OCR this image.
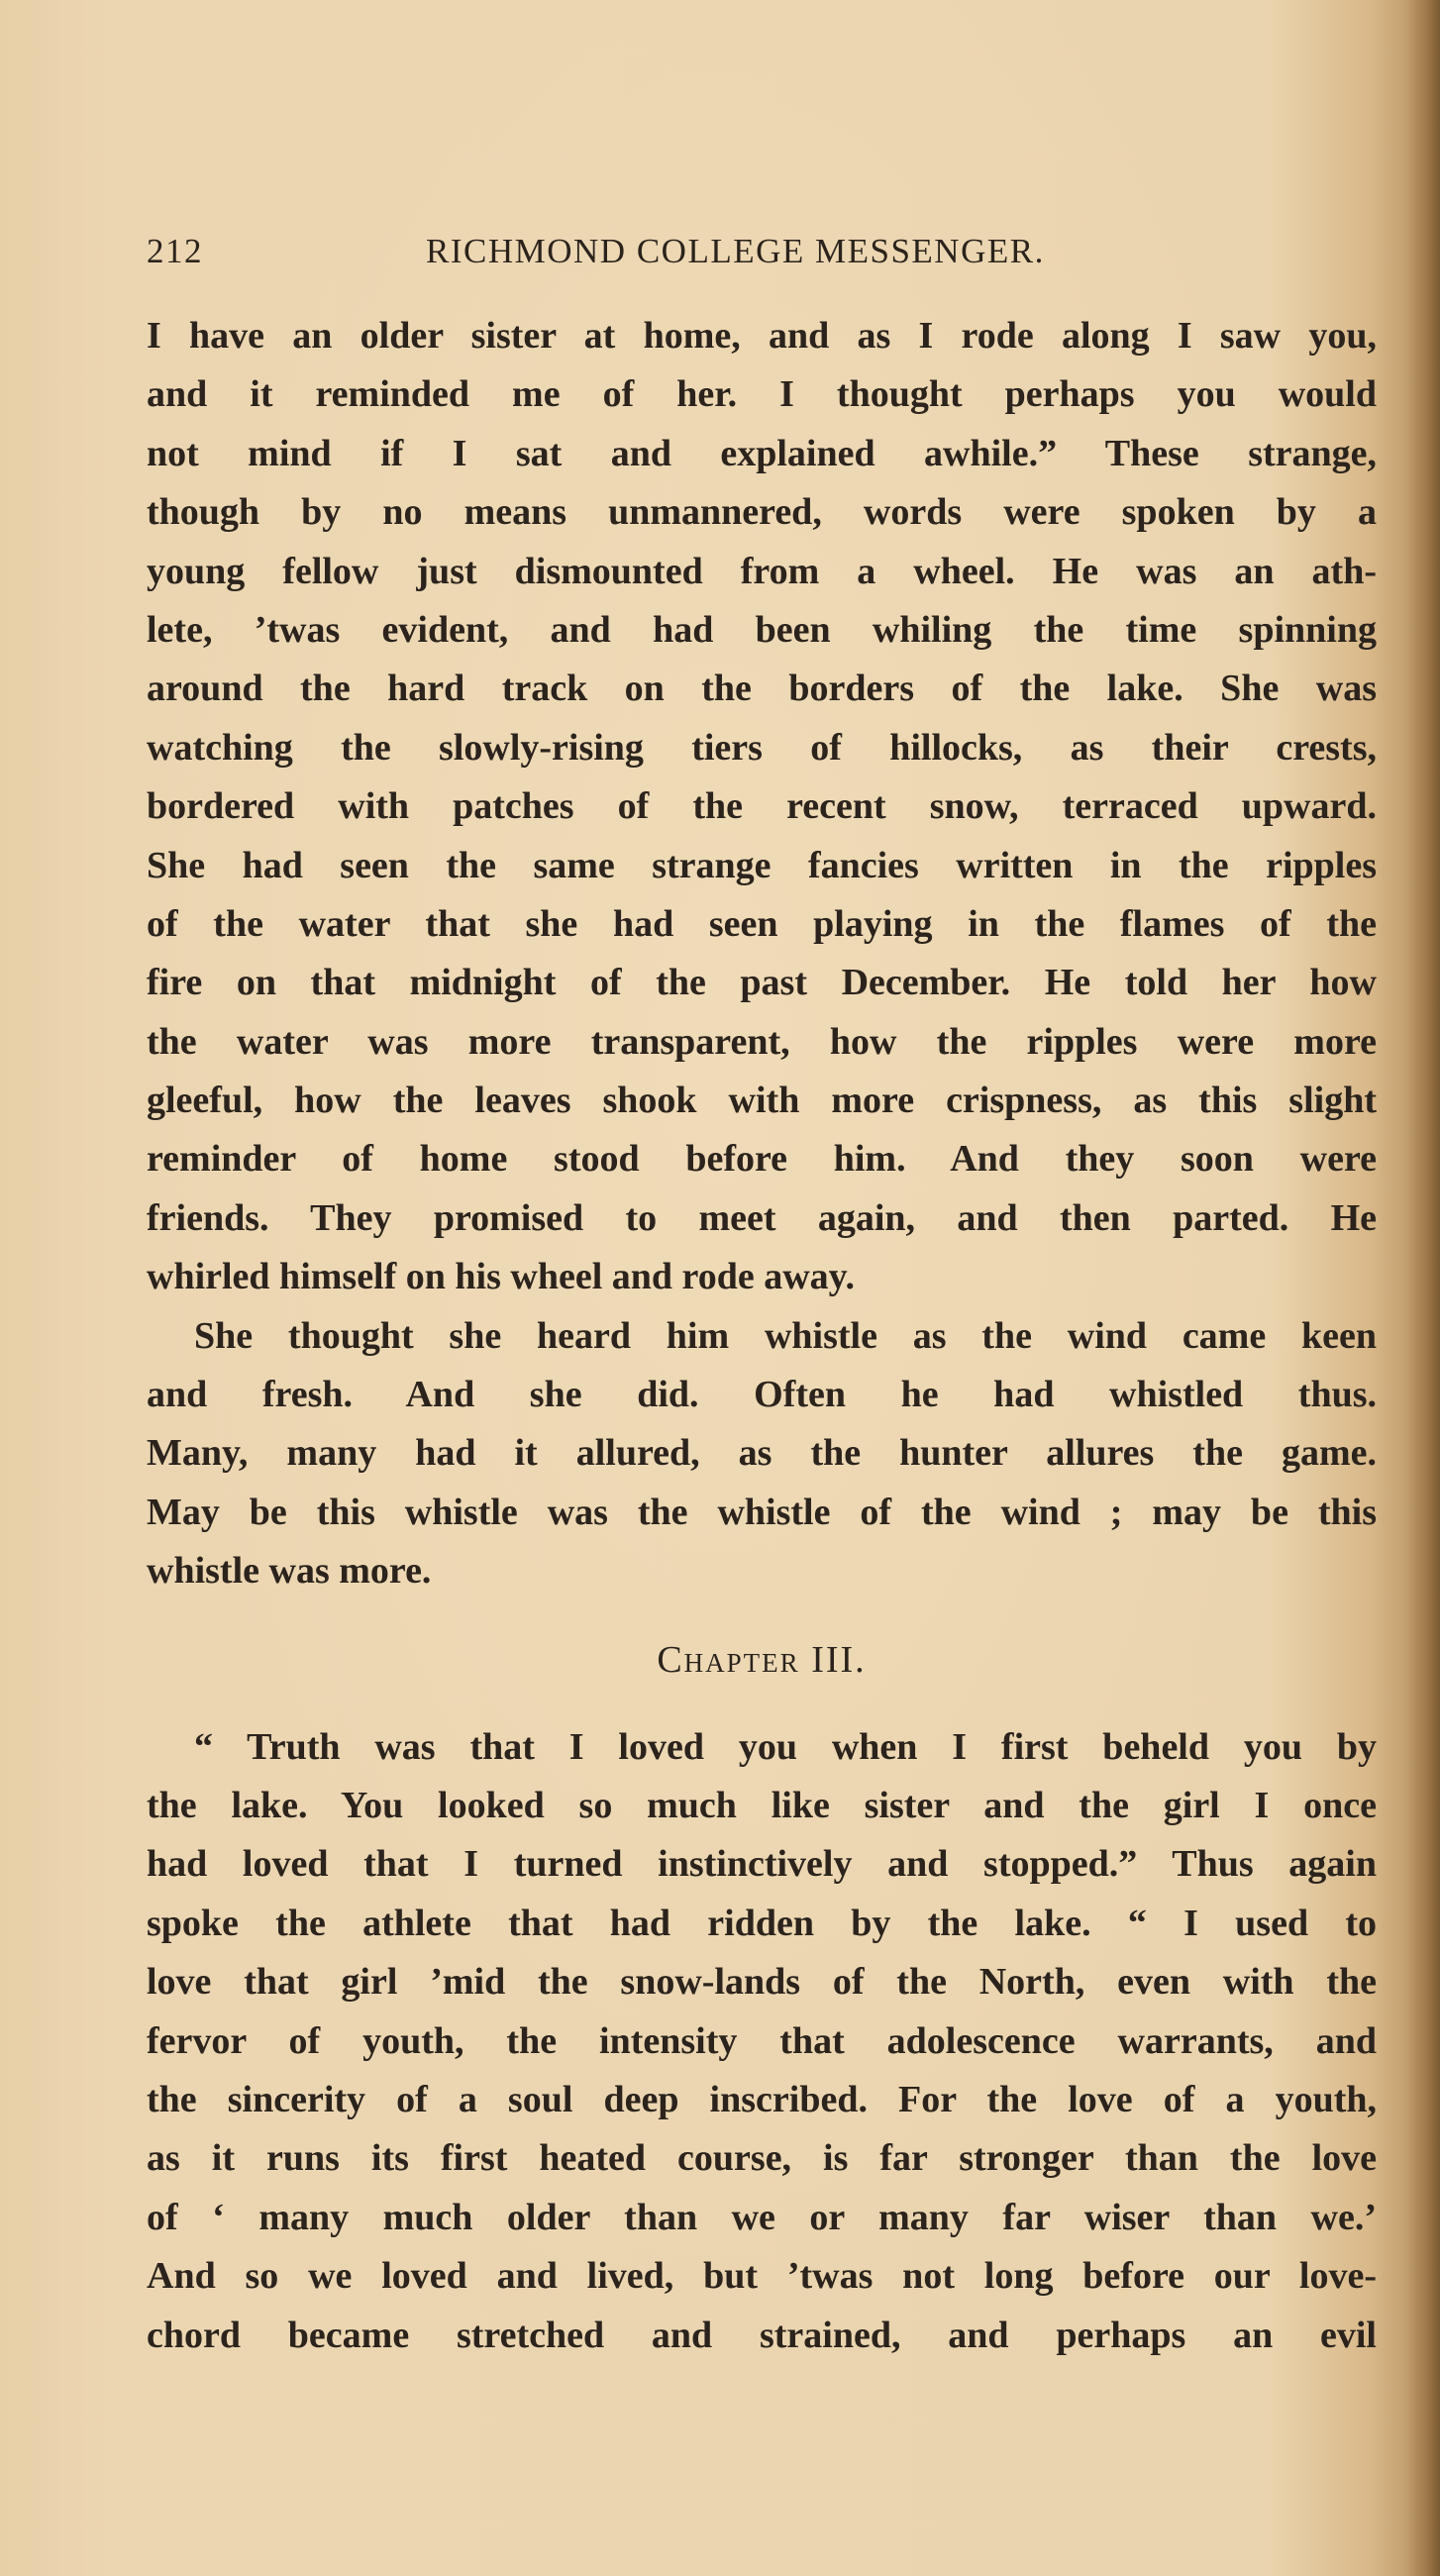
212	RICHMOND COLLEGE MESSENGER.
I have an older sister at home, and as I rode along I saw you,
and it reminded me of her. I thought perhaps you would
not mind if I sat and explained awhile.” These strange,
though by no means unmannered, words were spoken by a
young fellow just dismounted from a wheel. He was an ath-
lete, ’twas evident, and had been whiling the time spinning
around the hard track on the borders of the lake. She was
watching the slowly-rising tiers of hillocks, as their crests,
bordered with patches of the recent snow, terraced upward.
She had seen the same strange fancies written in the ripples
of the water that she had seen playing in the flames of the
fire on that midnight of the past December. He told her how
the water was more transparent, how the ripples were more
gleeful, how the leaves shook with more crispness, as this slight
reminder of home stood before him. And they soon were
friends. They promised to meet again, and then parted. He
whirled himself on his wheel and rode away.
She thought she heard him whistle as the wind came keen
and fresh. And she did. Often he had whistled thus.
Many, many had it allured, as the hunter allures the game.
May be this whistle was the whistle of the wind ; may be this
whistle was more.
Chapter III.
“ Truth was that I loved you when I first beheld you by
the lake. You looked so much like sister and the girl I once
had loved that I turned instinctively and stopped.” Thus again
spoke the athlete that had ridden by the lake. “ I used to
love that girl ’mid the snow-lands of the North, even with the
fervor of youth, the intensity that adolescence warrants, and
the sincerity of a soul deep inscribed. For the love of a youth,
as it runs its first heated course, is far stronger than the love
of ‘ many much older than we or many far wiser than we.’
And so we loved and lived, but ’twas not long before our love-
chord became stretched and strained, and perhaps an evil
